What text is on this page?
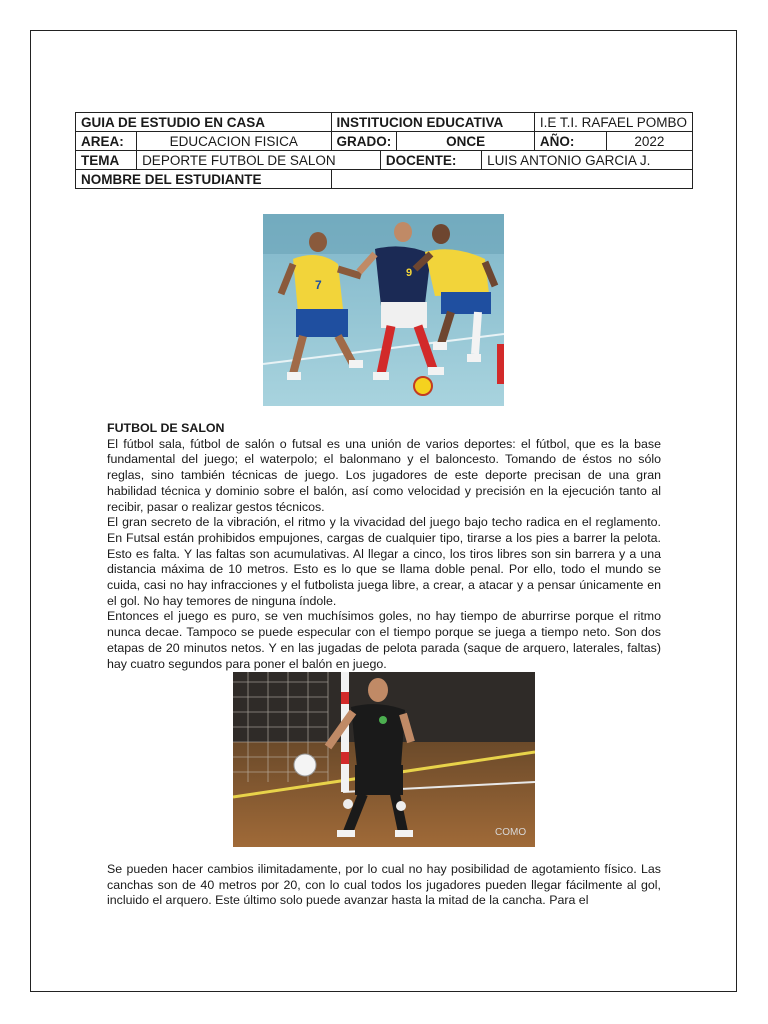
GUIA DE ESTUDIO EN CASA		INSTITUCION EDUCATIVA				I.E T.I. RAFAEL POMBO	
AREA:	EDUCACION FISICA	GRADO:		ONCE		AÑO:	2022
TEMA	DEPORTE FUTBOL DE SALON		DOCENTE:		LUIS ANTONIO GARCIA J.		
NOMBRE DEL ESTUDIANTE							
7
9

FUTBOL DE SALON

El fútbol sala, fútbol de salón o futsal es una unión de varios deportes: el fútbol, que es la base fundamental del juego; el waterpolo; el balonmano y el baloncesto. Tomando de éstos no sólo reglas, sino también técnicas de juego. Los jugadores de este deporte precisan de una gran habilidad técnica y dominio sobre el balón, así como velocidad y precisión en la ejecución tanto al recibir, pasar o realizar gestos técnicos.

El gran secreto de la vibración, el ritmo y la vivacidad del juego bajo techo radica en el reglamento. En Futsal están prohibidos empujones, cargas de cualquier tipo, tirarse a los pies a barrer la pelota. Esto es falta. Y las faltas son acumulativas. Al llegar a cinco, los tiros libres son sin barrera y a una distancia máxima de 10 metros. Esto es lo que se llama doble penal. Por ello, todo el mundo se cuida, casi no hay infracciones y el futbolista juega libre, a crear, a atacar y a pensar únicamente en el gol. No hay temores de ninguna índole.

Entonces el juego es puro, se ven muchísimos goles, no hay tiempo de aburrirse porque el ritmo nunca decae. Tampoco se puede especular con el tiempo porque se juega a tiempo neto. Son dos etapas de 20 minutos netos. Y en las jugadas de pelota parada (saque de arquero, laterales, faltas) hay cuatro segundos para poner el balón en juego.

COMO

Se pueden hacer cambios ilimitadamente, por lo cual no hay posibilidad de agotamiento físico. Las canchas son de 40 metros por 20, con lo cual todos los jugadores pueden llegar fácilmente al gol, incluido el arquero. Este último solo puede avanzar hasta la mitad de la cancha. Para el
